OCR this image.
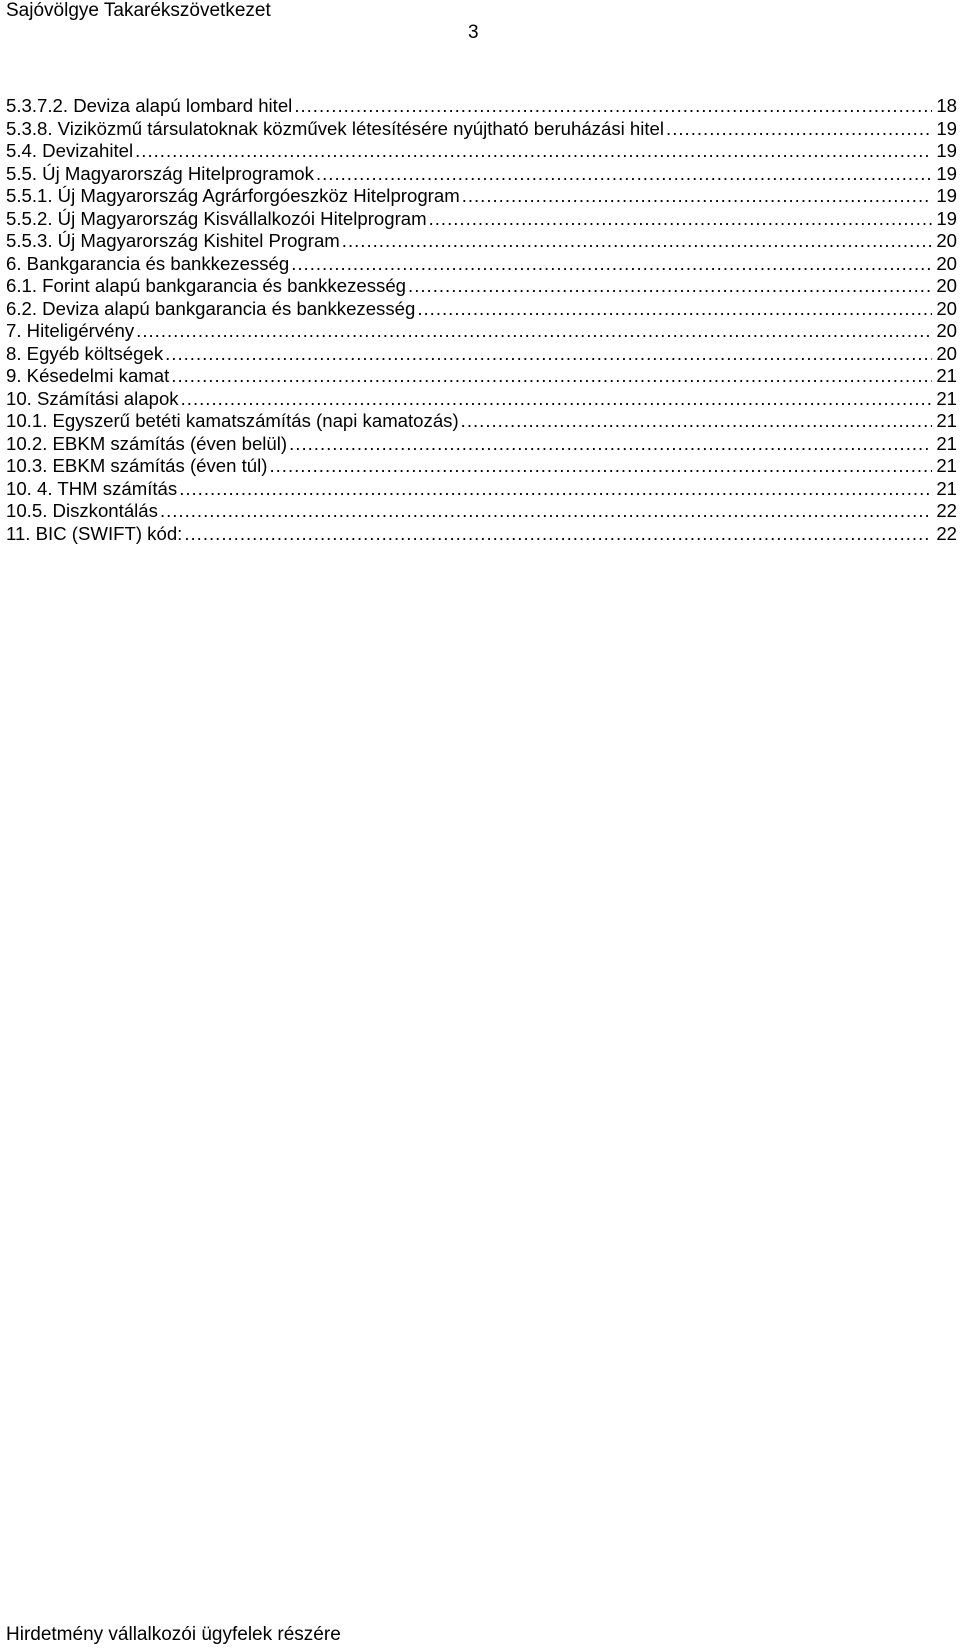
Sajóvölgye Takarékszövetkezet
3
5.3.7.2. Deviza alapú lombard hitel .....	18
5.3.8. Viziközmű társulatoknak közművek létesítésére nyújtható beruházási hitel .....	19
5.4. Devizahitel .....	19
5.5. Új Magyarország Hitelprogramok .....	19
5.5.1. Új Magyarország Agrárforgóeszköz Hitelprogram .....	19
5.5.2. Új Magyarország Kisvállalkozói Hitelprogram .....	19
5.5.3. Új Magyarország Kishitel Program .....	20
6. Bankgarancia és bankkezesség .....	20
6.1. Forint alapú bankgarancia és bankkezesség .....	20
6.2. Deviza alapú bankgarancia és bankkezesség .....	20
7. Hiteligérvény .....	20
8. Egyéb költségek .....	20
9. Késedelmi kamat .....	21
10. Számítási alapok .....	21
10.1. Egyszerű betéti kamatszámítás (napi kamatozás) .....	21
10.2. EBKM számítás (éven belül) .....	21
10.3. EBKM számítás (éven túl) .....	21
10. 4. THM számítás .....	21
10.5. Diszkontálás .....	22
11. BIC (SWIFT) kód: .....	22
Hirdetmény vállalkozói ügyfelek részére
